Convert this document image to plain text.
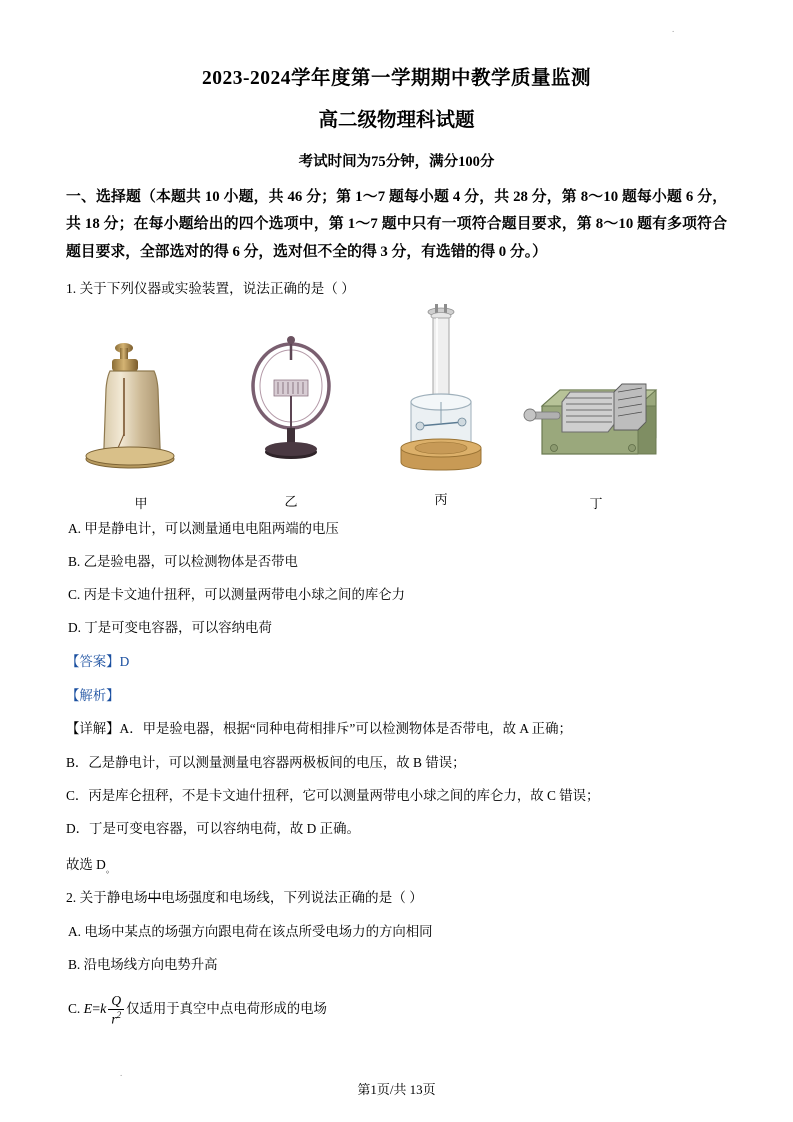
.
2023-2024学年度第一学期期中教学质量监测
高二级物理科试题
考试时间为75分钟，满分100分
一、选择题（本题共 10 小题，共 46 分；第 1～7 题每小题 4 分，共 28 分，第 8～10 题每小题 6 分，共 18 分；在每小题给出的四个选项中，第 1～7 题中只有一项符合题目要求，第 8～10 题有多项符合题目要求，全部选对的得 6 分，选对但不全的得 3 分，有选错的得 0 分。）
1. 关于下列仪器或实验装置，说法正确的是（ ）
甲	乙	丙	丁
A. 甲是静电计，可以测量通电电阻两端的电压
B. 乙是验电器，可以检测物体是否带电
C. 丙是卡文迪什扭秤，可以测量两带电小球之间的库仑力
D. 丁是可变电容器，可以容纳电荷
【答案】D
【解析】
【详解】A．甲是验电器，根据“同种电荷相排斥”可以检测物体是否带电，故 A 正确；
B．乙是静电计，可以测量测量电容器两极板间的电压，故 B 错误；
C．丙是库仑扭秤，不是卡文迪什扭秤，它可以测量两带电小球之间的库仑力，故 C 错误；
D．丁是可变电容器，可以容纳电荷，故 D 正确。
故选 $D_。$
2. 关于静电场中电场强度和电场线，下列说法正确的是（ ）
A. 电场中某点的场强方向跟电荷在该点所受电场力的方向相同
B. 沿电场线方向电势升高
C. $E=k \frac{Q}{r^2}$ 仅适用于真空中点电荷形成的电场
.
第1页/共 13页
